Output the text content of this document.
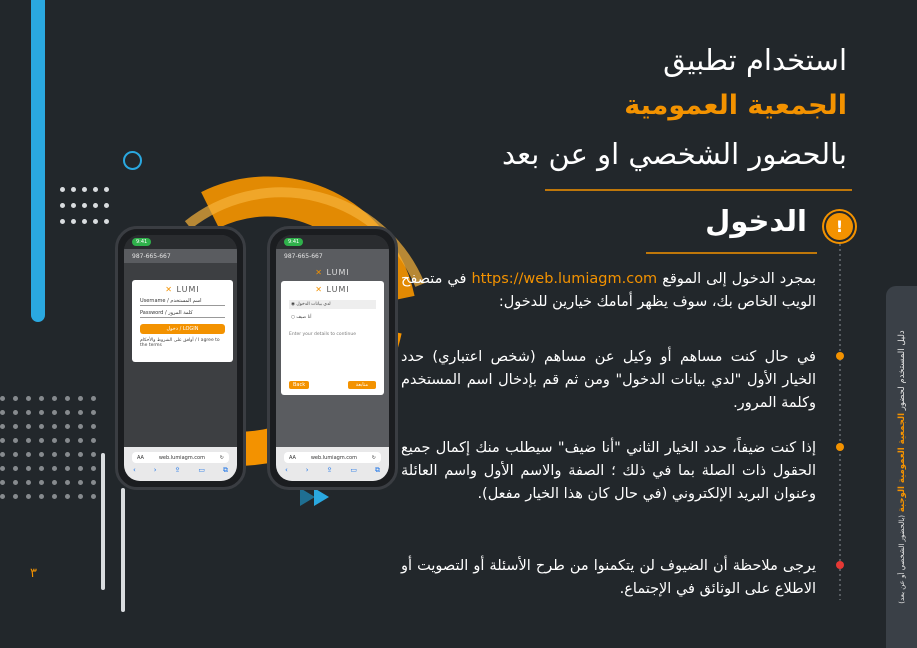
9:41
987-665-667
✕ LUMI
Username / اسم المستخدم
Password / كلمة المرور
دخول / LOGIN
أوافق على الشروط والأحكام / I agree to the terms
AA	web.lumiagm.com	↻
‹	›	⇪	▭	⧉
9:41
987-665-667
✕ LUMI
✕ LUMI
◉ لدي بيانات الدخول
○ أنا ضيف
Enter your details to continue
Back	متابعة
AA	web.lumiagm.com	↻
‹	›	⇪	▭	⧉
استخدام تطبيق
الجمعية العمومية
بالحضور الشخصي او عن بعد
!
الدخول
بمجرد الدخول إلى الموقع https://web.lumiagm.com في متصفح الويب الخاص بك، سوف يظهر أمامك خيارين للدخول:
في حال كنت مساهم أو وكيل عن مساهم (شخص اعتباري) حدد الخيار الأول "لدي بيانات الدخول" ومن ثم قم بإدخال اسم المستخدم وكلمة المرور.
إذا كنت ضيفاً، حدد الخيار الثاني "أنا ضيف" سيطلب منك إكمال جميع الحقول ذات الصلة بما في ذلك ؛ الصفة والاسم الأول واسم العائلة وعنوان البريد الإلكتروني (في حال كان هذا الخيار مفعل).
يرجى ملاحظة أن الضيوف لن يتكمنوا من طرح الأسئلة أو التصويت أو الاطلاع على الوثائق في الإجتماع.
دليل المستخدم لحضور الجمعية العمومية الوجبة (بالحضور الشخصي أو عن بعد)
٣
